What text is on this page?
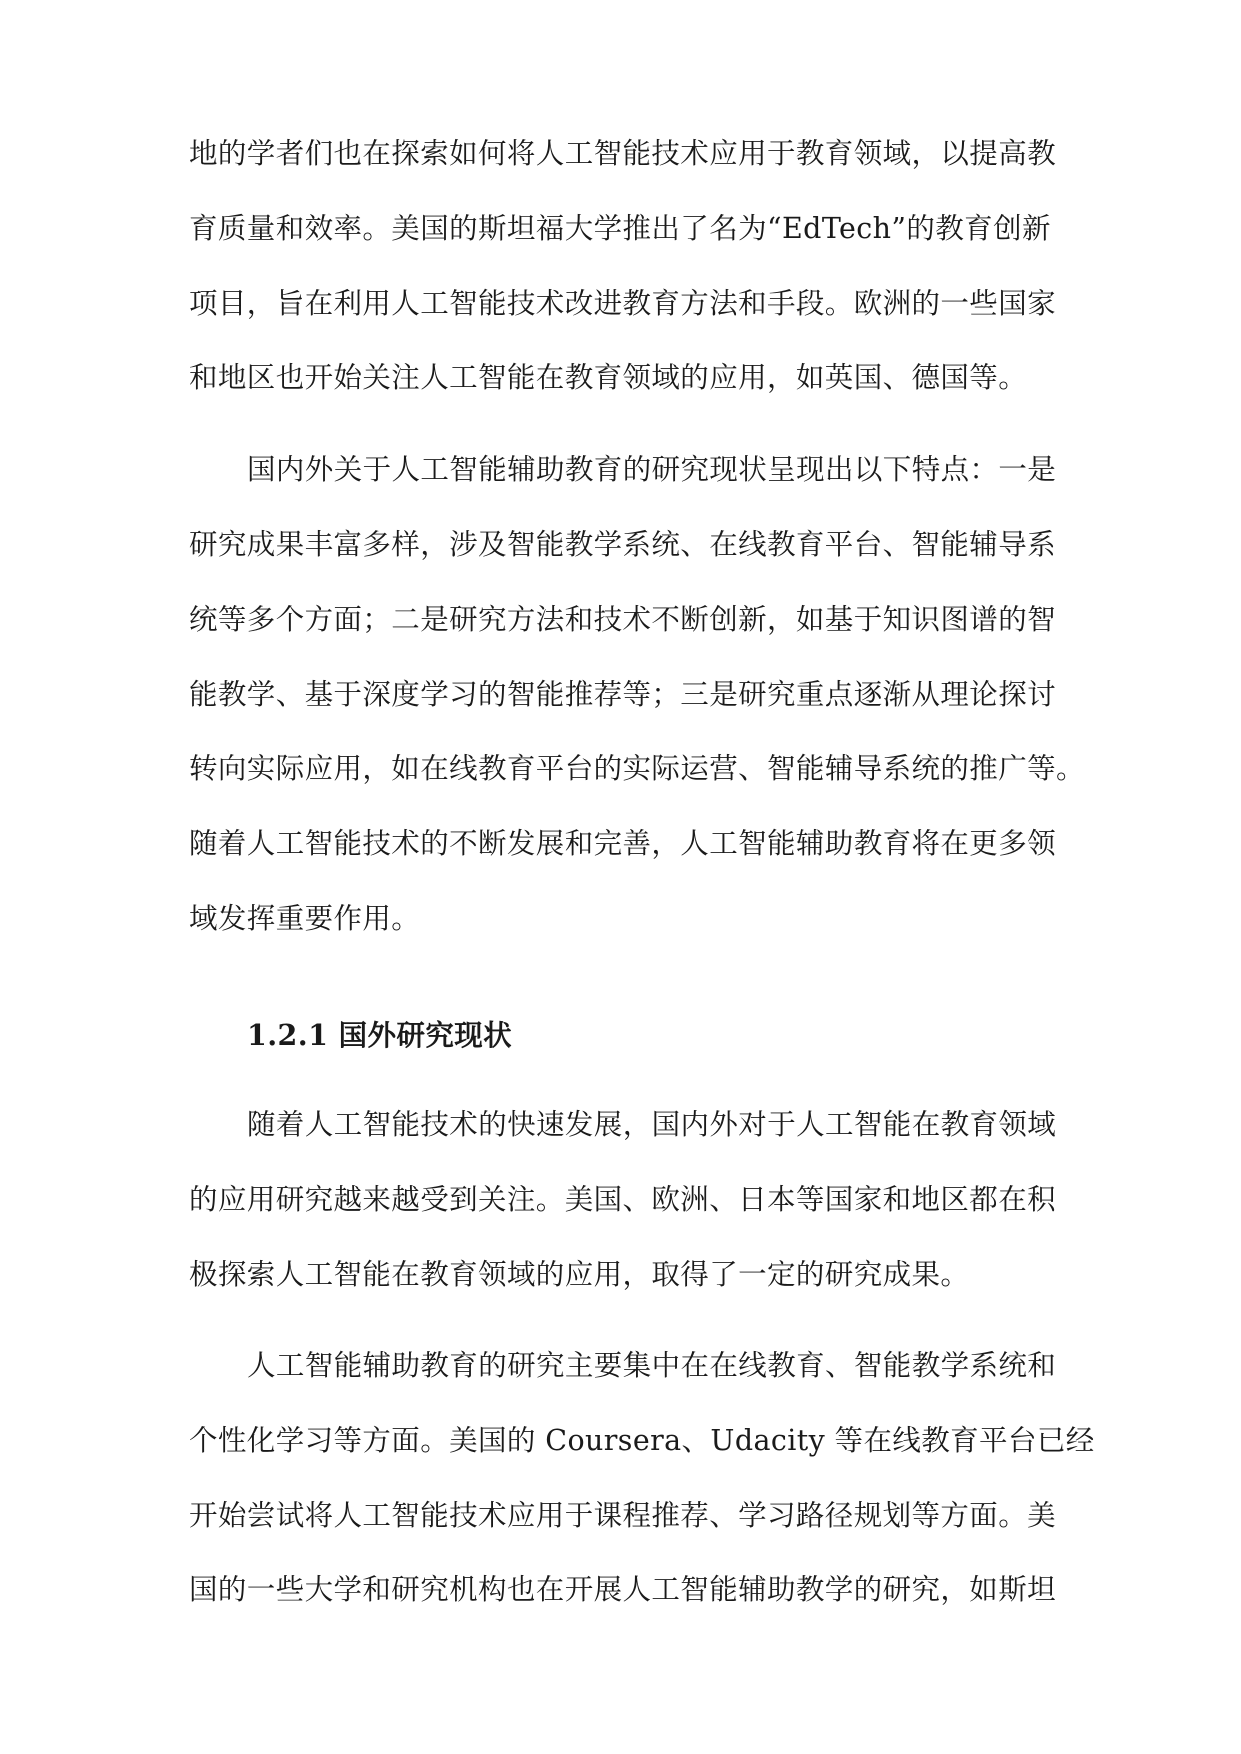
地的学者们也在探索如何将人工智能技术应用于教育领域，以提高教
育质量和效率。美国的斯坦福大学推出了名为“EdTech”的教育创新
项目，旨在利用人工智能技术改进教育方法和手段。欧洲的一些国家
和地区也开始关注人工智能在教育领域的应用，如英国、德国等。
国内外关于人工智能辅助教育的研究现状呈现出以下特点：一是
研究成果丰富多样，涉及智能教学系统、在线教育平台、智能辅导系
统等多个方面；二是研究方法和技术不断创新，如基于知识图谱的智
能教学、基于深度学习的智能推荐等；三是研究重点逐渐从理论探讨
转向实际应用，如在线教育平台的实际运营、智能辅导系统的推广等。
随着人工智能技术的不断发展和完善，人工智能辅助教育将在更多领
域发挥重要作用。
1.2.1 国外研究现状
随着人工智能技术的快速发展，国内外对于人工智能在教育领域
的应用研究越来越受到关注。美国、欧洲、日本等国家和地区都在积
极探索人工智能在教育领域的应用，取得了一定的研究成果。
人工智能辅助教育的研究主要集中在在线教育、智能教学系统和
个性化学习等方面。美国的 Coursera、Udacity 等在线教育平台已经
开始尝试将人工智能技术应用于课程推荐、学习路径规划等方面。美
国的一些大学和研究机构也在开展人工智能辅助教学的研究，如斯坦
